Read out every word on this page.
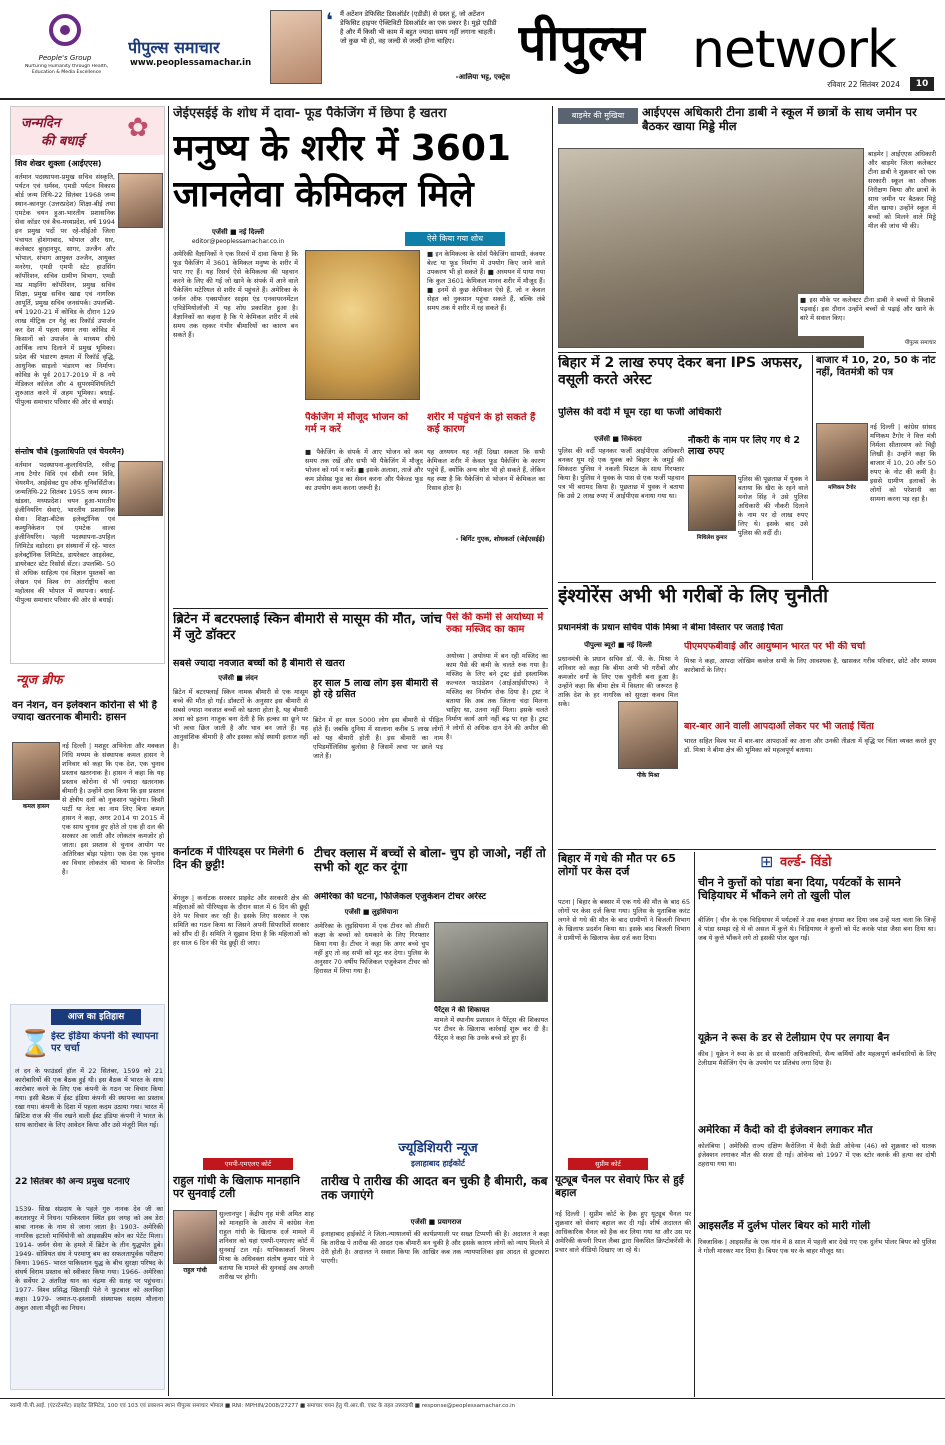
People's Group
Nurturing Humanity through Health, Education & Media Excellence
पीपुल्स समाचार
www.peoplessamachar.in
❛ मैं अटेंशन डेफिसिट डिसऑर्डर (एडीडी) से ग्रस्त हूं, जो अटेंशन डेफिसिट हाइपर ऐक्टिविटी डिसऑर्डर का एक प्रकार है। मुझे एडीडी है और मैं किसी भी काम में बहुत ज्यादा समय नहीं लगाना चाहती। जो कुछ भी हो, वह जल्दी से जल्दी होना चाहिए।
-आलिया भट्ट, एक्ट्रेस
पीपुल्स network
रविवार 22 सितंबर 2024	10
जन्मदिन
की बधाई	✿
शिव शेखर शुक्ला (आईएएस)
वर्तमान पदस्थापना-प्रमुख सचिव संस्कृति, पर्यटन एवं धर्मस्व, एमडी पर्यटन विकास बोर्ड जन्म तिथि-22 सितंबर 1968 जन्म स्थान-कानपुर (उत्तरप्रदेश) शिक्षा-बीई तथा एमटेक चयन हुआ-भारतीय प्रशासनिक सेवा कॉडर एवं बैच-मध्यप्रदेश, वर्ष 1994 इन प्रमुख पदों पर रहे-सीईओ जिला पंचायत होशंगाबाद, भोपाल और धार, कलेक्टर बुरहानपुर, सागर, उज्जैन और भोपाल, संभाग आयुक्त उज्जैन, आयुक्त मनरेगा, एमडी एमपी स्टेट हाउसिंग कॉर्पोरेशन, सचिव ग्रामीण विभाग, एमडी मप्र माइनिंग कॉर्पोरेशन, प्रमुख सचिव शिक्षा, प्रमुख सचिव खाद्य एवं नागरिक आपूर्ति, प्रमुख सचिव जनसंपर्क। उपलब्धि-वर्ष 1920-21 में कोविड के दौरान 129 लाख मीट्रिक टन गेहूं का रिकॉर्ड उपार्जन कर देश में पहला स्थान तथा कोविड में किसानों को उपार्जन के माध्यम सीधे आर्थिक लाभ दिलाने में प्रमुख भूमिका। प्रदेश की भंडारण क्षमता में रिकॉर्ड वृद्धि, आधुनिक साइलो भंडारण का निर्माण। कोविड के पूर्व 2017-2019 में 8 नये मेडिकल कॉलेज और 4 सुपरस्पेशियलिटी शुरुआत करने में अहम भूमिका। बधाई-पीपुल्स समाचार परिवार की ओर से बधाई।
संन्तोष चौबे (कुलाधिपति एवं चेयरमैन)
वर्तमान पदस्थापना-कुलाधिपति, रवीन्द्र नाथ टैगोर विवि एवं सीवी रमन विवि, चेयरमैन, आईसेक्ट ग्रुप ऑफ यूनिवर्सिटीज। जन्मतिथि-22 सितंबर 1955 जन्म स्थान- खंडवा, मध्यप्रदेश। चयन हुआ-भारतीय इंजीनियरिंग सेवाएं, भारतीय प्रशासनिक सेवा। शिक्षा-बीटेक इलेक्ट्रॉनिक एवं कम्युनिकेशन एवं एमटेक वाल्स इंजीनियरिंग। पहली पदस्थापना-उपहिल लिमिटेड वडोदरा। इन संस्थानों में रहे- भारत इलेक्ट्रॉनिक लिमिटेड, डायरेक्टर आइसेक्ट, डायरेक्टर स्टेट रिसोर्स सेंटर। उपलब्धि- 50 से अधिक साहित्य एवं विज्ञान पुस्तकों का लेखन एवं विश्व रंग अंतर्राष्ट्रीय कला महोत्सव की भोपाल में स्थापना। बधाई- पीपुल्स समाचार परिवार की ओर से बधाई।
न्यूज ब्रीफ
वन नेशन, वन इलेक्शन कोरोना से भी है ज्यादा खतरनाक बीमारी: हासन
कमल हासन
नई दिल्ली | मशहूर अभिनेता और मक्कल निधि मय्यम के संस्थापक कमल हासन ने शनिवार को कहा कि एक देश, एक चुनाव प्रस्ताव खतरनाक है। हासन ने कहा कि यह प्रस्ताव कोरोना से भी ज्यादा खतरनाक बीमारी है। उन्होंने दावा किया कि इस प्रस्ताव से क्षेत्रीय दलों को नुकसान पहुंचेगा। किसी पार्टी या नेता का नाम लिए बिना कमल हासन ने कहा, अगर 2014 या 2015 में एक साथ चुनाव हुए होते तो एक ही दल की सरकार आ जाती और लोकतंत्र कमजोर हो जाता। इस प्रस्ताव से चुनाव आयोग पर अतिरिक्त बोझ पड़ेगा। एक देश एक चुनाव का विचार लोकतंत्र की भावना के विपरीत है।
आज का इतिहास
⌛ ईस्ट इंडिया कंपनी की स्थापना पर चर्चा
लं दन के फाउंडर्स हॉल में 22 सितंबर, 1599 को 21 कारोबारियों की एक बैठक हुई थी। इस बैठक में भारत के साथ कारोबार करने के लिए एक कंपनी के गठन पर विचार किया गया। इसी बैठक में ईस्ट इंडिया कंपनी की स्थापना का प्रस्ताव रखा गया। कंपनी के दिशा में पहला कदम उठाया गया। भारत में ब्रिटिश राज की नींव रखने वाली ईस्ट इंडिया कंपनी ने भारत के साथ कारोबार के लिए आवेदन किया और उसे मंजूरी मिल गई।
22 सितंबर की अन्य प्रमुख घटनाएं
1539- सिख संप्रदाय के पहले गुरु नानक देव जी का करतारपुर में निधन। पाकिस्तान स्थित इस जगह को अब डेरा बाबा नानक के नाम से जाना जाता है। 1903- अमेरिकी नागरिक इटालो मार्चियोनी को आइसक्रीम कोन का पेटेंट मिला। 1914- जर्मन सेना के हमले में ब्रिटेन के तीन युद्धपोत डूबे। 1949- सोवियत संघ ने परमाणु बम का सफलतापूर्वक परीक्षण किया। 1965- भारत पाकिस्तान युद्ध के बीच सुरक्षा परिषद के संघर्ष विराम प्रस्ताव को स्वीकार किया गया। 1966- अमेरिका के सर्वेयर 2 अंतरिक्ष यान का चंद्रमा की सतह पर पहुंचना। 1977- विश्व प्रसिद्ध खिलाड़ी पेले ने फुटबाल को अलविदा कहा। 1979- जमात-ए-इस्लामी संस्थापक सदस्य मौलाना अबुल आला मौदूदी का निधन।
जेईएसईई के शोध में दावा- फूड पैकेजिंग में छिपा है खतरा
मनुष्य के शरीर में 3601 जानलेवा केमिकल मिले
एजेंसी ■ नई दिल्ली
editor@peoplessamachar.co.in
अमेरिकी वैज्ञानिकों ने एक रिसर्च में दावा किया है कि फूड पैकेजिंग में 3601 केमिकल मनुष्य के शरीर में पाए गए हैं। यह रिसर्च ऐसे केमिकल्स की पहचान करने के लिए की गई जो खाने के संपर्क में आने वाले पैकेजिंग मटेरियल से शरीर में पहुंचते हैं। अमेरिका के जर्नल ऑफ एक्सपोजर साइंस एंड एनवायरनमेंटल एपिडेमियोलॉजी में यह शोध प्रकाशित हुआ है। वैज्ञानिकों का कहना है कि ये केमिकल शरीर में लंबे समय तक रहकर गंभीर बीमारियों का कारण बन सकते हैं।
ऐसे किया गया शोध
■ इन केमिकल्स के सोर्स पैकेजिंग सामग्री, कंवयर बेल्ट या फूड निर्माण में उपयोग किए जाने वाले उपकरण भी हो सकते हैं। ■ अध्ययन में पाया गया कि कुल 3601 केमिकल मानव शरीर में मौजूद हैं। ■ इनमें से कुछ केमिकल ऐसे हैं, जो न केवल सेहत को नुकसान पहुंचा सकते हैं, बल्कि लंबे समय तक ये शरीर में रह सकते हैं।
पैकेजिंग में मौजूद भोजन को गर्म न करें
■ पैकेजिंग के संपर्क में आए भोजन को कम समय तक रखें और सभी भी पैकेजिंग में मौजूद भोजन को गर्म न करें। ■ इसके अलावा, ताजे और कम प्रोसेस्ड फूड का सेवन करना और पैकेज्ड फूड का उपयोग कम करना जरूरी है।
शरीर में पहुंचने के हो सकते हैं कई कारण
यह अध्ययन यह नहीं दिखा सकता कि सभी केमिकल शरीर में केवल फूड पैकेजिंग के कारण पहुंचे हैं, क्योंकि अन्य स्रोत भी हो सकते हैं, लेकिन यह स्पष्ट है कि पैकेजिंग से भोजन में केमिकल का रिसाव होता है।
- बिर्गिट गुएक, शोधकर्ता (जेईएसईई)
ब्रिटेन में बटरफ्लाई स्किन बीमारी से मासूम की मौत, जांच में जुटे डॉक्टर
सबसे ज्यादा नवजात बच्चों को है बीमारी से खतरा
एजेंसी ■ लंदन
ब्रिटेन में बटरफ्लाई स्किन नामक बीमारी से एक मासूम बच्चे की मौत हो गई। डॉक्टरों के अनुसार इस बीमारी से सबसे ज्यादा नवजात बच्चों को खतरा होता है, यह बीमारी त्वचा को इतना नाजुक बना देती है कि हल्का सा छूने पर भी त्वचा छिल जाती है और घाव बन जाते हैं। यह आनुवांशिक बीमारी है और इसका कोई स्थायी इलाज नहीं है।
हर साल 5 लाख लोग इस बीमारी से हो रहे ग्रसित
ब्रिटेन में हर साल 5000 लोग इस बीमारी से पीड़ित होते हैं। जबकि दुनिया में सालाना करीब 5 लाख लोगों को यह बीमारी होती है। इस बीमारी का नाम एपिडर्मोलिसिस बुलोसा है जिसमें त्वचा पर छाले पड़ जाते हैं।
पैसे की कमी से अयोध्या में रुका मस्जिद का काम
अयोध्या | अयोध्या में बन रही मस्जिद का काम पैसे की कमी के चलते रुक गया है। मस्जिद के लिए बने ट्रस्ट इंडो इस्लामिक कल्चरल फाउंडेशन (आईआईसीएफ) ने मस्जिद का निर्माण रोक दिया है। ट्रस्ट ने बताया कि अब तक जितना चंदा मिलना चाहिए था, उतना नहीं मिला। इसके चलते निर्माण कार्य आगे नहीं बढ़ पा रहा है। ट्रस्ट ने लोगों से अधिक दान देने की अपील की है।
कर्नाटक में पीरियड्स पर मिलेगी 6 दिन की छुट्टी!
बेंगलुरु | कर्नाटक सरकार प्राइवेट और सरकारी क्षेत्र की महिलाओं को पीरियड्स के दौरान साल में 6 दिन की छुट्टी देने पर विचार कर रही है। इसके लिए सरकार ने एक समिति का गठन किया था जिसने अपनी सिफारिशें सरकार को सौंप दी हैं। समिति ने सुझाव दिया है कि महिलाओं को हर साल 6 दिन की पेड छुट्टी दी जाए।
टीचर क्लास में बच्चों से बोला- चुप हो जाओ, नहीं तो सभी को शूट कर दूंगा
अमेरिका की घटना, फिजिकल एजुकेशन टीचर अरेस्ट
एजेंसी ■ लुइसियाना
अमेरिका के लुइसियाना में एक टीचर को तीसरी कक्षा के बच्चों को धमकाने के लिए गिरफ्तार किया गया है। टीचर ने कहा कि अगर बच्चे चुप नहीं हुए तो वह सभी को शूट कर देगा। पुलिस के अनुसार 70 वर्षीय फिजिकल एजुकेशन टीचर को हिरासत में लिया गया है।
पैरेंट्स ने की शिकायत
मामले में स्थानीय प्रशासन ने पैरेंट्स की शिकायत पर टीचर के खिलाफ कार्रवाई शुरू कर दी है। पैरेंट्स ने कहा कि उनके बच्चे डरे हुए हैं।
ज्यूडिशियरी न्यूज
इलाहाबाद हाईकोर्ट
एमपी-एमएलए कोर्ट
राहुल गांधी के खिलाफ मानहानि पर सुनवाई टली
राहुल गांधी
सुल्तानपुर | केंद्रीय गृह मंत्री अमित शाह को मानहानि के आरोप में कांग्रेस नेता राहुल गांधी के खिलाफ दर्ज मामले में शनिवार को यहां एमपी-एमएलए कोर्ट में सुनवाई टल गई। याचिकाकर्ता विजय मिश्रा के अधिवक्ता संतोष कुमार पांडे ने बताया कि मामले की सुनवाई अब अगली तारीख पर होगी।
तारीख पे तारीख की आदत बन चुकी है बीमारी, कब तक जगाएंगे
एजेंसी ■ प्रयागराज
इलाहाबाद हाईकोर्ट ने जिला-न्यायालयों की कार्यप्रणाली पर सख्त टिप्पणी की है। अदालत ने कहा कि तारीख पे तारीख की आदत एक बीमारी बन चुकी है और इसके कारण लोगों को न्याय मिलने में देरी होती है। अदालत ने सवाल किया कि आखिर कब तक न्यायपालिका इस आदत से छुटकारा पाएगी।
सुप्रीम कोर्ट
यूट्यूब चैनल पर सेवाएं फिर से हुईं बहाल
नई दिल्ली | सुप्रीम कोर्ट के हैक हुए यूट्यूब चैनल पर शुक्रवार को सेवाएं बहाल कर दी गईं। शीर्ष अदालत की आधिकारिक चैनल को हैक कर लिया गया था और उस पर अमेरिकी कंपनी रिपल लैब्स द्वारा विकसित क्रिप्टोकरेंसी के प्रचार वाले वीडियो दिखाए जा रहे थे।
बाड़मेर की मुखिया	आईएएस अधिकारी टीना डाबी ने स्कूल में छात्रों के साथ जमीन पर बैठकर खाया मिड्डे मील
बाड़मेर | आईएएस अधिकारी और बाड़मेर जिला कलेक्टर टीना डाबी ने शुक्रवार को एक सरकारी स्कूल का औचक निरीक्षण किया और छात्रों के साथ जमीन पर बैठकर मिड्डे मील खाया। उन्होंने स्कूल में बच्चों को मिलने वाले मिड्डे मील की जांच भी की।
■ इस मौके पर कलेक्टर टीना डाबी ने बच्चों से किताबें पढ़वाई। इस दौरान उन्होंने बच्चों से पढ़ाई और खाने के बारे में सवाल किए।
पीपुल्स समाचार
बिहार में 2 लाख रुपए देकर बना IPS अफसर, वसूली करते अरेस्ट
पुलिस की वर्दी में घूम रहा था फर्जी अधिकारी
एजेंसी ■ सिकंदरा
पुलिस की वर्दी पहनकर फर्जी आईपीएस अधिकारी बनकर घूम रहे एक युवक को बिहार के जमुई की सिकंदरा पुलिस ने नकली पिस्टल के साथ गिरफ्तार किया है। पुलिस ने युवक के पास से एक फर्जी पहचान पत्र भी बरामद किया है। पूछताछ में युवक ने बताया कि उसे 2 लाख रुपए में आईपीएस बनाया गया था।
नौकरी के नाम पर लिए गए थे 2 लाख रुपए
मिथिलेश कुमार
पुलिस की पूछताछ में युवक ने बताया कि खैरा के रहने वाले मनोज सिंह ने उसे पुलिस अधिकारी की नौकरी दिलाने के नाम पर दो लाख रुपए लिए थे। इसके बाद उसे पुलिस की वर्दी दी।
बाजार में 10, 20, 50 के नोट नहीं, वितमंत्री को पत्र
मणिकम टैगोर
नई दिल्ली | कांग्रेस सांसद मणिकम टैगोर ने वित्त मंत्री निर्मला सीतारमण को चिट्ठी लिखी है। उन्होंने कहा कि बाजार में 10, 20 और 50 रुपए के नोट की कमी है। इससे ग्रामीण इलाकों के लोगों को परेशानी का सामना करना पड़ रहा है।
इंश्योरेंस अभी भी गरीबों के लिए चुनौती
प्रधानमंत्री के प्रधान सचिव पीके मिश्रा ने बीमा विस्तार पर जताई चिंता
पीपुल्स ब्यूरो ■ नई दिल्ली
प्रधानमंत्री के प्रधान सचिव डॉ. पी. के. मिश्रा ने शनिवार को कहा कि बीमा अभी भी गरीबों और कमजोर वर्गों के लिए एक चुनौती बना हुआ है। उन्होंने कहा कि बीमा क्षेत्र में विस्तार की जरूरत है ताकि देश के हर नागरिक को सुरक्षा कवच मिल सके।
पीके मिश्रा
पीएमएफबीवाई और आयुष्मान भारत पर भी की चर्चा
मिश्रा ने कहा, आपदा जोखिम कवरेज सभी के लिए आवश्यक है, खासकर गरीब परिवार, छोटे और मध्यम कारोबारों के लिए।
बार-बार आने वाली आपदाओं लेकर पर भी जताई चिंता
भारत सहित विश्व भर में बार-बार आपदाओं का आना और उनकी तीव्रता में वृद्धि पर चिंता व्यक्त करते हुए डॉ. मिश्रा ने बीमा क्षेत्र की भूमिका को महत्वपूर्ण बताया।
बिहार में गधे की मौत पर 65 लोगों पर केस दर्ज
पटना | बिहार के बक्सर में एक गधे की मौत के बाद 65 लोगों पर केस दर्ज किया गया। पुलिस के मुताबिक करंट लगने से गधे की मौत के बाद ग्रामीणों ने बिजली विभाग के खिलाफ प्रदर्शन किया था। इसके बाद बिजली विभाग ने ग्रामीणों के खिलाफ केस दर्ज करा दिया।
⊞ वर्ल्ड- विंडो
चीन ने कुत्तों को पांडा बना दिया, पर्यटकों के सामने चिड़ियाघर में भौंकने लगे तो खुली पोल
बीजिंग | चीन के एक चिड़ियाघर में पर्यटकों ने उस वक्त हंगामा कर दिया जब उन्हें पता चला कि जिन्हें वे पांडा समझ रहे थे वो असल में कुत्ते थे। चिड़ियाघर ने कुत्तों को पेंट करके पांडा जैसा बना दिया था। जब ये कुत्ते भौंकने लगे तो इसकी पोल खुल गई।
यूक्रेन ने रूस के डर से टेलीग्राम ऐप पर लगाया बैन
कीव | यूक्रेन ने रूस के डर से सरकारी अधिकारियों, सैन्य कर्मियों और महत्वपूर्ण कर्मचारियों के लिए टेलीग्राम मैसेजिंग ऐप के उपयोग पर प्रतिबंध लगा दिया है।
अमेरिका में कैदी को दी इंजेक्शन लगाकर मौत
कोलंबिया | अमेरिकी राज्य दक्षिण कैरोलिना में कैदी फ्रेडी ओवेन्स (46) को शुक्रवार को घातक इंजेक्शन लगाकर मौत की सजा दी गई। ओवेन्स को 1997 में एक स्टोर क्लर्क की हत्या का दोषी ठहराया गया था।
आइसलैंड में दुर्लभ पोलर बियर को मारी गोली
रिक्जाविक | आइसलैंड के एक गांव में 8 साल में पहली बार देखे गए एक दुर्लभ पोलर बियर को पुलिस ने गोली मारकर मार दिया है। बियर एक घर के बाहर मौजूद था।
स्वामी पी.पी.आई. (एंटरटेनमेंट) प्राइवेट लिमिटेड, 100 एवं 103 एवं प्रकाशन स्थान पीपुल्स समाचार भोपाल ■ RNI: MPHIN/2008/27277 ■ समाचार चयन हेतु पी.आर.बी. एक्ट के तहत उत्तरदायी ■ response@peoplessamachar.co.in
